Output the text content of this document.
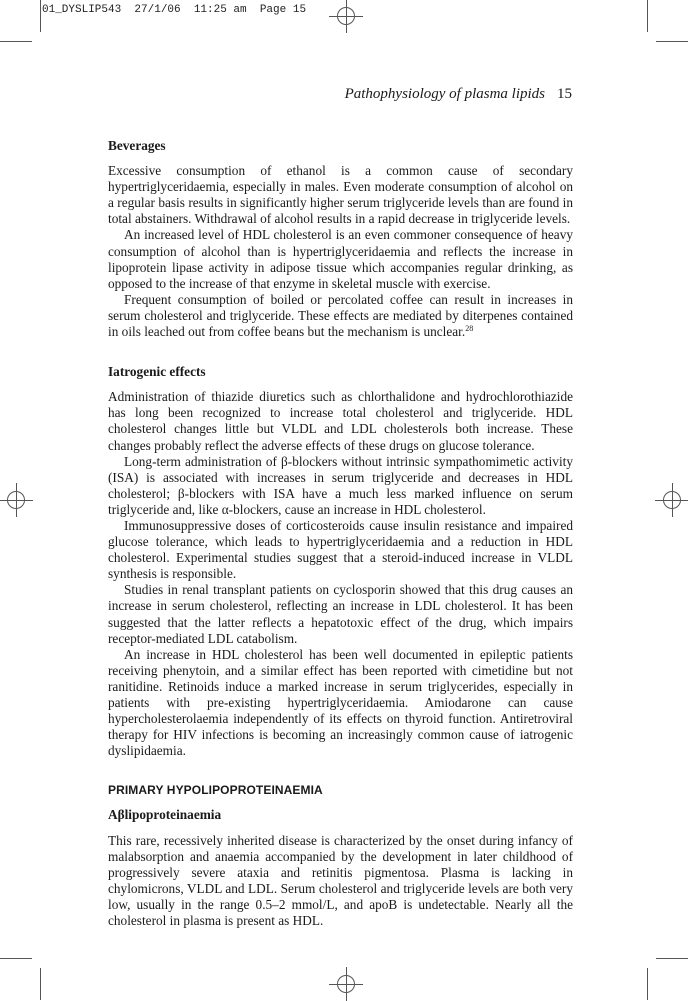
01_DYSLIP543  27/1/06  11:25 am  Page 15
Pathophysiology of plasma lipids 15
Beverages

Excessive consumption of ethanol is a common cause of secondary hypertriglyceridaemia, especially in males. Even moderate consumption of alcohol on a regular basis results in significantly higher serum triglyceride levels than are found in total abstainers. Withdrawal of alcohol results in a rapid decrease in triglyceride levels.

An increased level of HDL cholesterol is an even commoner consequence of heavy consumption of alcohol than is hypertriglyceridaemia and reflects the increase in lipoprotein lipase activity in adipose tissue which accompanies regular drinking, as opposed to the increase of that enzyme in skeletal muscle with exercise.

Frequent consumption of boiled or percolated coffee can result in increases in serum cholesterol and triglyceride. These effects are mediated by diterpenes contained in oils leached out from coffee beans but the mechanism is unclear.$^{28}$

Iatrogenic effects

Administration of thiazide diuretics such as chlorthalidone and hydrochlorothiazide has long been recognized to increase total cholesterol and triglyceride. HDL cholesterol changes little but VLDL and LDL cholesterols both increase. These changes probably reflect the adverse effects of these drugs on glucose tolerance.

Long-term administration of β-blockers without intrinsic sympathomimetic activity (ISA) is associated with increases in serum triglyceride and decreases in HDL cholesterol; β-blockers with ISA have a much less marked influence on serum triglyceride and, like α-blockers, cause an increase in HDL cholesterol.

Immunosuppressive doses of corticosteroids cause insulin resistance and impaired glucose tolerance, which leads to hypertriglyceridaemia and a reduction in HDL cholesterol. Experimental studies suggest that a steroid-induced increase in VLDL synthesis is responsible.

Studies in renal transplant patients on cyclosporin showed that this drug causes an increase in serum cholesterol, reflecting an increase in LDL cholesterol. It has been suggested that the latter reflects a hepatotoxic effect of the drug, which impairs receptor-mediated LDL catabolism.

An increase in HDL cholesterol has been well documented in epileptic patients receiving phenytoin, and a similar effect has been reported with cimetidine but not ranitidine. Retinoids induce a marked increase in serum triglycerides, especially in patients with pre-existing hypertriglyceridaemia. Amiodarone can cause hypercholesterolaemia independently of its effects on thyroid function. Antiretroviral therapy for HIV infections is becoming an increasingly common cause of iatrogenic dyslipidaemia.

PRIMARY HYPOLIPOPROTEINAEMIA
Aβlipoproteinaemia

This rare, recessively inherited disease is characterized by the onset during infancy of malabsorption and anaemia accompanied by the development in later childhood of progressively severe ataxia and retinitis pigmentosa. Plasma is lacking in chylomicrons, VLDL and LDL. Serum cholesterol and triglyceride levels are both very low, usually in the range 0.5–2 mmol/L, and apoB is undetectable. Nearly all the cholesterol in plasma is present as HDL.
